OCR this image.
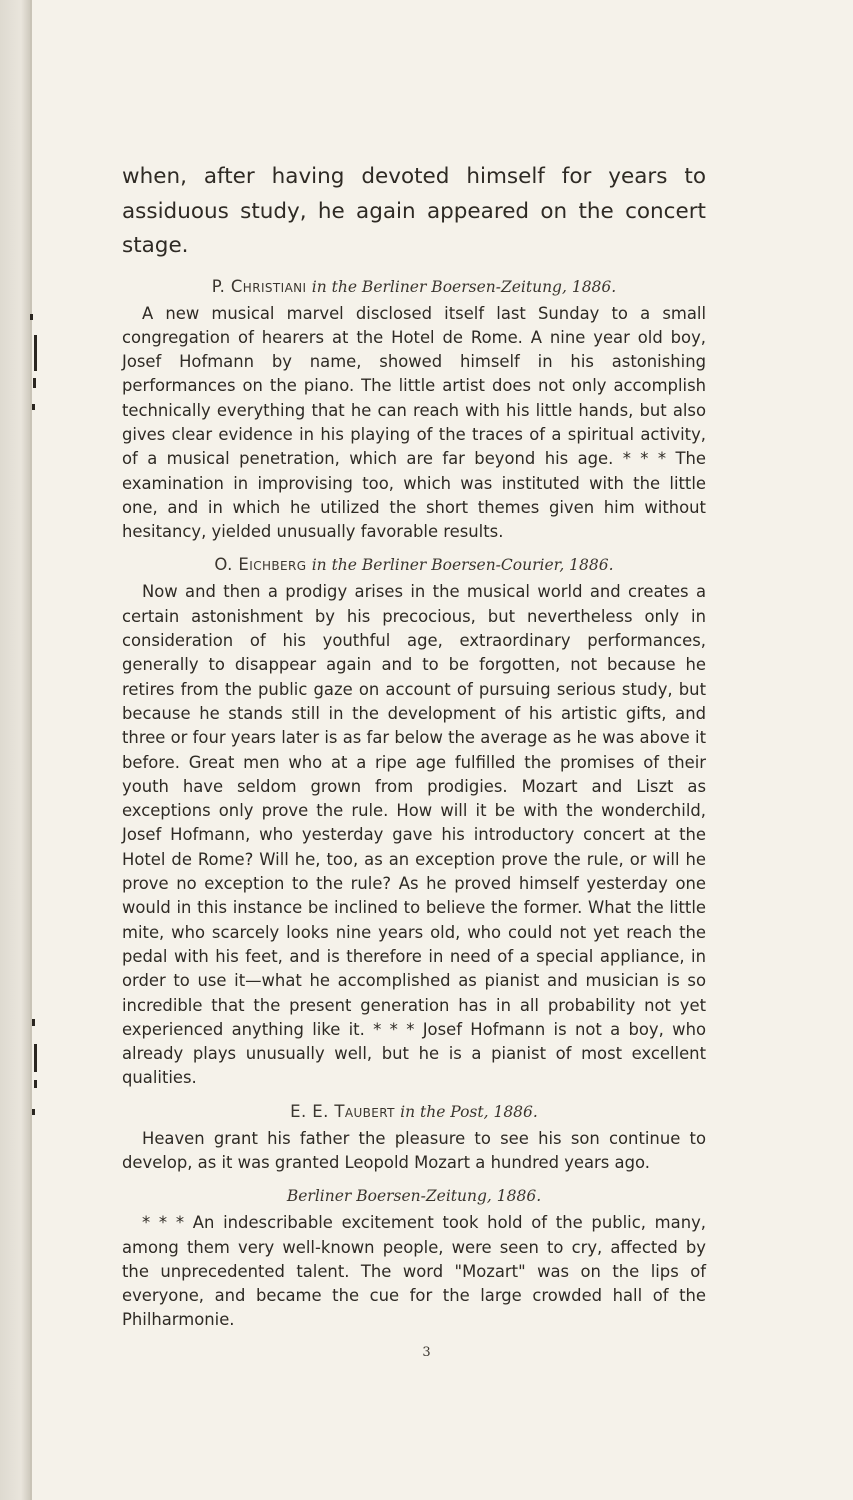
when, after having devoted himself for years to assiduous study, he again appeared on the concert stage.

P. Christiani in the Berliner Boersen-Zeitung, 1886.

A new musical marvel disclosed itself last Sunday to a small congregation of hearers at the Hotel de Rome. A nine year old boy, Josef Hofmann by name, showed himself in his astonishing performances on the piano. The little artist does not only accomplish technically everything that he can reach with his little hands, but also gives clear evidence in his playing of the traces of a spiritual activity, of a musical penetration, which are far beyond his age. * * * The examination in improvising too, which was instituted with the little one, and in which he utilized the short themes given him without hesitancy, yielded unusually favorable results.

O. Eichberg in the Berliner Boersen-Courier, 1886.

Now and then a prodigy arises in the musical world and creates a certain astonishment by his precocious, but nevertheless only in consideration of his youthful age, extraordinary performances, generally to disappear again and to be forgotten, not because he retires from the public gaze on account of pursuing serious study, but because he stands still in the development of his artistic gifts, and three or four years later is as far below the average as he was above it before. Great men who at a ripe age fulfilled the promises of their youth have seldom grown from prodigies. Mozart and Liszt as exceptions only prove the rule. How will it be with the wonderchild, Josef Hofmann, who yesterday gave his introductory concert at the Hotel de Rome? Will he, too, as an exception prove the rule, or will he prove no exception to the rule? As he proved himself yesterday one would in this instance be inclined to believe the former. What the little mite, who scarcely looks nine years old, who could not yet reach the pedal with his feet, and is therefore in need of a special appliance, in order to use it—what he accomplished as pianist and musician is so incredible that the present generation has in all probability not yet experienced anything like it. * * * Josef Hofmann is not a boy, who already plays unusually well, but he is a pianist of most excellent qualities.

E. E. Taubert in the Post, 1886.

Heaven grant his father the pleasure to see his son continue to develop, as it was granted Leopold Mozart a hundred years ago.

Berliner Boersen-Zeitung, 1886.

* * * An indescribable excitement took hold of the public, many, among them very well-known people, were seen to cry, affected by the unprecedented talent. The word "Mozart" was on the lips of everyone, and became the cue for the large crowded hall of the Philharmonie.

3
